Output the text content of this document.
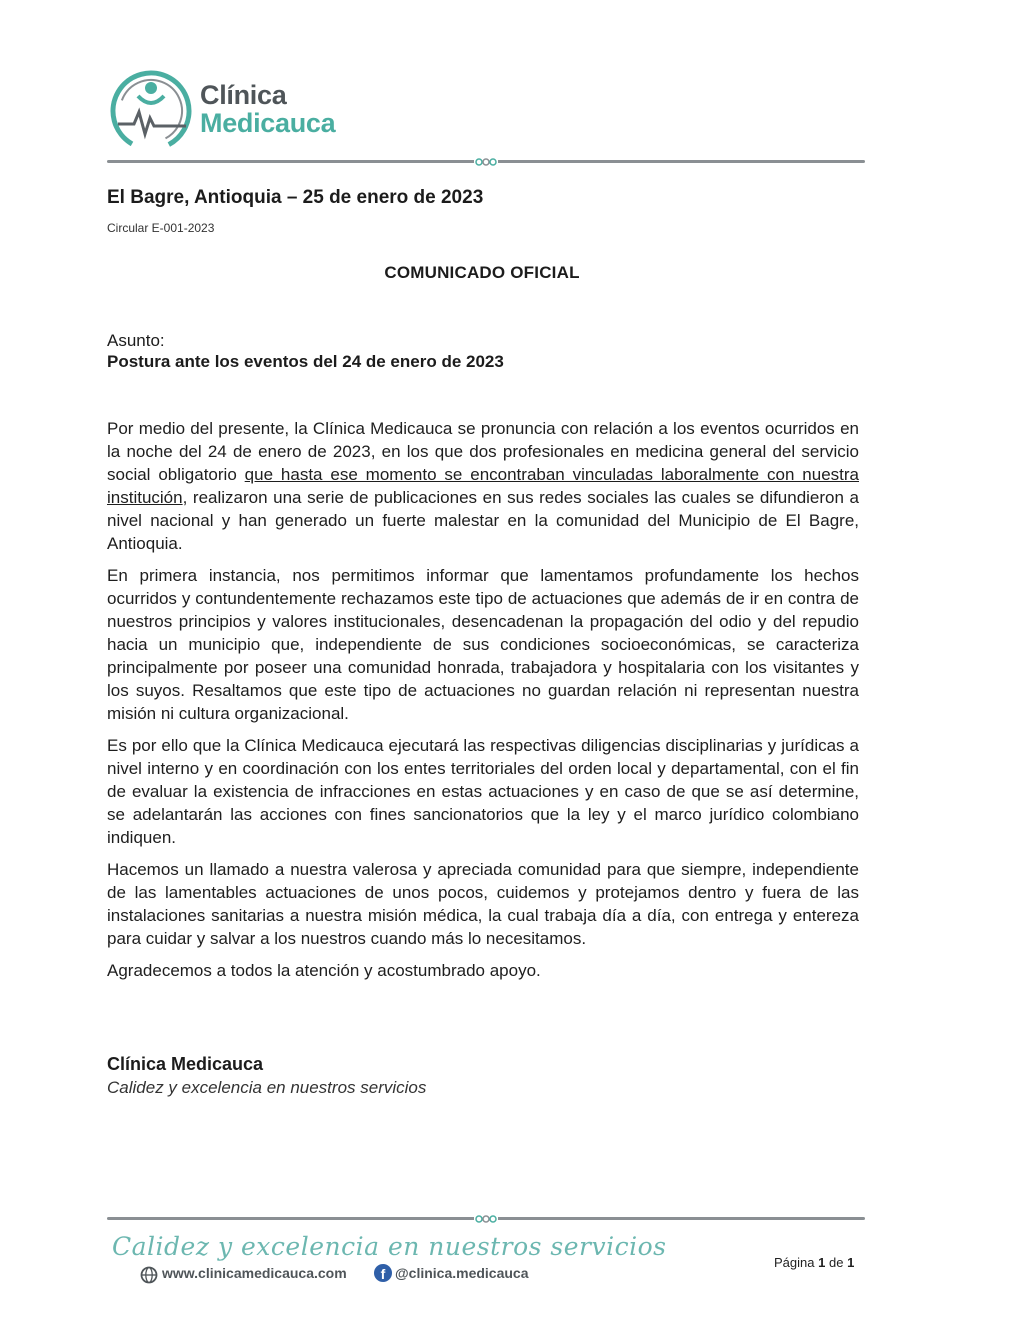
Clínica
Medicauca
El Bagre, Antioquia – 25 de enero de 2023
Circular E-001-2023
COMUNICADO OFICIAL
Asunto:
Postura ante los eventos del 24 de enero de 2023

Por medio del presente, la Clínica Medicauca se pronuncia con relación a los eventos ocurridos en la noche del 24 de enero de 2023, en los que dos profesionales en medicina general del servicio social obligatorio que hasta ese momento se encontraban vinculadas laboralmente con nuestra institución, realizaron una serie de publicaciones en sus redes sociales las cuales se difundieron a nivel nacional y han generado un fuerte malestar en la comunidad del Municipio de El Bagre, Antioquia.

En primera instancia, nos permitimos informar que lamentamos profundamente los hechos ocurridos y contundentemente rechazamos este tipo de actuaciones que además de ir en contra de nuestros principios y valores institucionales, desencadenan la propagación del odio y del repudio hacia un municipio que, independiente de sus condiciones socioeconómicas, se caracteriza principalmente por poseer una comunidad honrada, trabajadora y hospitalaria con los visitantes y los suyos. Resaltamos que este tipo de actuaciones no guardan relación ni representan nuestra misión ni cultura organizacional.

Es por ello que la Clínica Medicauca ejecutará las respectivas diligencias disciplinarias y jurídicas a nivel interno y en coordinación con los entes territoriales del orden local y departamental, con el fin de evaluar la existencia de infracciones en estas actuaciones y en caso de que se así determine, se adelantarán las acciones con fines sancionatorios que la ley y el marco jurídico colombiano indiquen.

Hacemos un llamado a nuestra valerosa y apreciada comunidad para que siempre, independiente de las lamentables actuaciones de unos pocos, cuidemos y protejamos dentro y fuera de las instalaciones sanitarias a nuestra misión médica, la cual trabaja día a día, con entrega y entereza para cuidar y salvar a los nuestros cuando más lo necesitamos.

Agradecemos a todos la atención y acostumbrado apoyo.

Clínica Medicauca
Calidez y excelencia en nuestros servicios
Calidez y excelencia en nuestros servicios
www.clinicamedicauca.com	f @clinica.medicauca
Página 1 de 1
